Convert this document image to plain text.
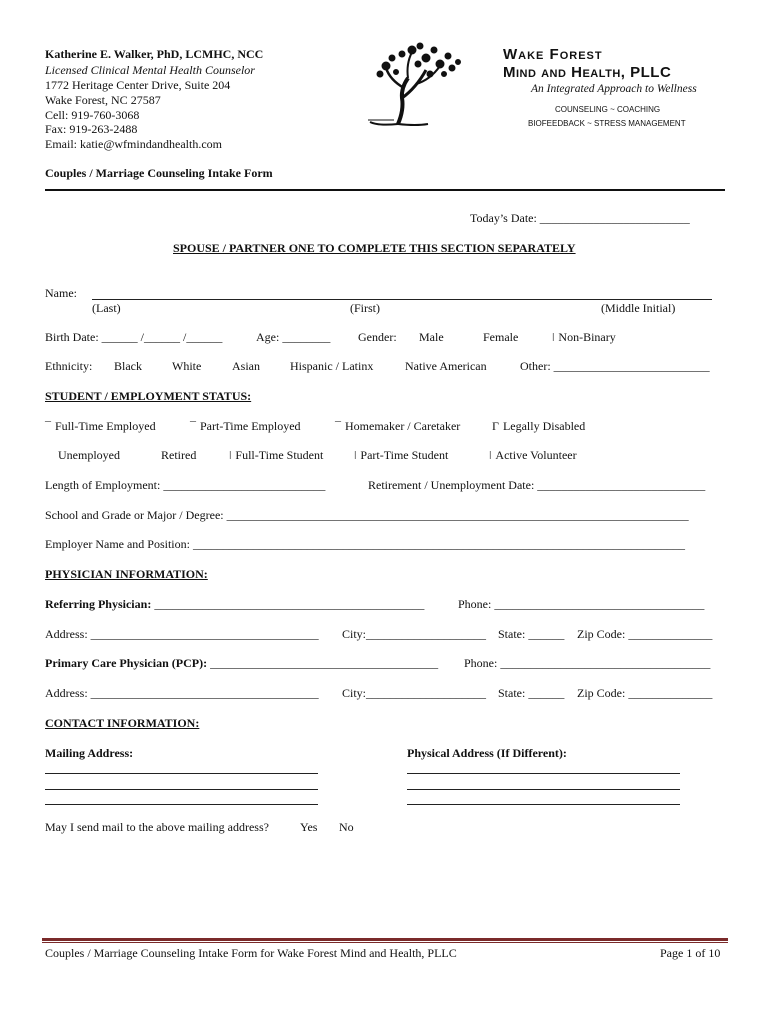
Katherine E. Walker, PhD, LCMHC, NCC
Licensed Clinical Mental Health Counselor
1772 Heritage Center Drive, Suite 204
Wake Forest, NC 27587
Cell: 919-760-3068
Fax: 919-263-2488
Email: katie@wfmindandhealth.com
Wake Forest
Mind and Health, PLLC
An Integrated Approach to Wellness
COUNSELING ~ COACHING
BIOFEEDBACK ~ STRESS MANAGEMENT
Couples / Marriage Counseling Intake Form
Today’s Date: _________________________
SPOUSE / PARTNER ONE TO COMPLETE THIS SECTION SEPARATELY
Name:
(Last)	(First)	(Middle Initial)
Birth Date: ______ /______ /______	Age: ________ Gender: Male	Female	ǀ Non-Binary
Ethnicity: Black	White	Asian	Hispanic / Latinx	Native American	Other: __________________________
STUDENT / EMPLOYMENT STATUS:
¯ Full-Time Employed	¯ Part-Time Employed	¯ Homemaker / Caretaker	Γ Legally Disabled
Unemployed	Retired	ǀ Full-Time Student	ǀ Part-Time Student	ǀ Active Volunteer
Length of Employment: ___________________________	Retirement / Unemployment Date: ____________________________
School and Grade or Major / Degree: _____________________________________________________________________________
Employer Name and Position: __________________________________________________________________________________
PHYSICIAN INFORMATION:
Referring Physician: _____________________________________________	Phone: ___________________________________
Address: ______________________________________ City:____________________ State: ______ Zip Code: ______________
Primary Care Physician (PCP): ______________________________________ Phone: ___________________________________
Address: ______________________________________ City:____________________ State: ______ Zip Code: ______________
CONTACT INFORMATION:
Mailing Address:	Physical Address (If Different):
May I send mail to the above mailing address?	Yes No
Couples / Marriage Counseling Intake Form for Wake Forest Mind and Health, PLLC	Page 1 of 10
